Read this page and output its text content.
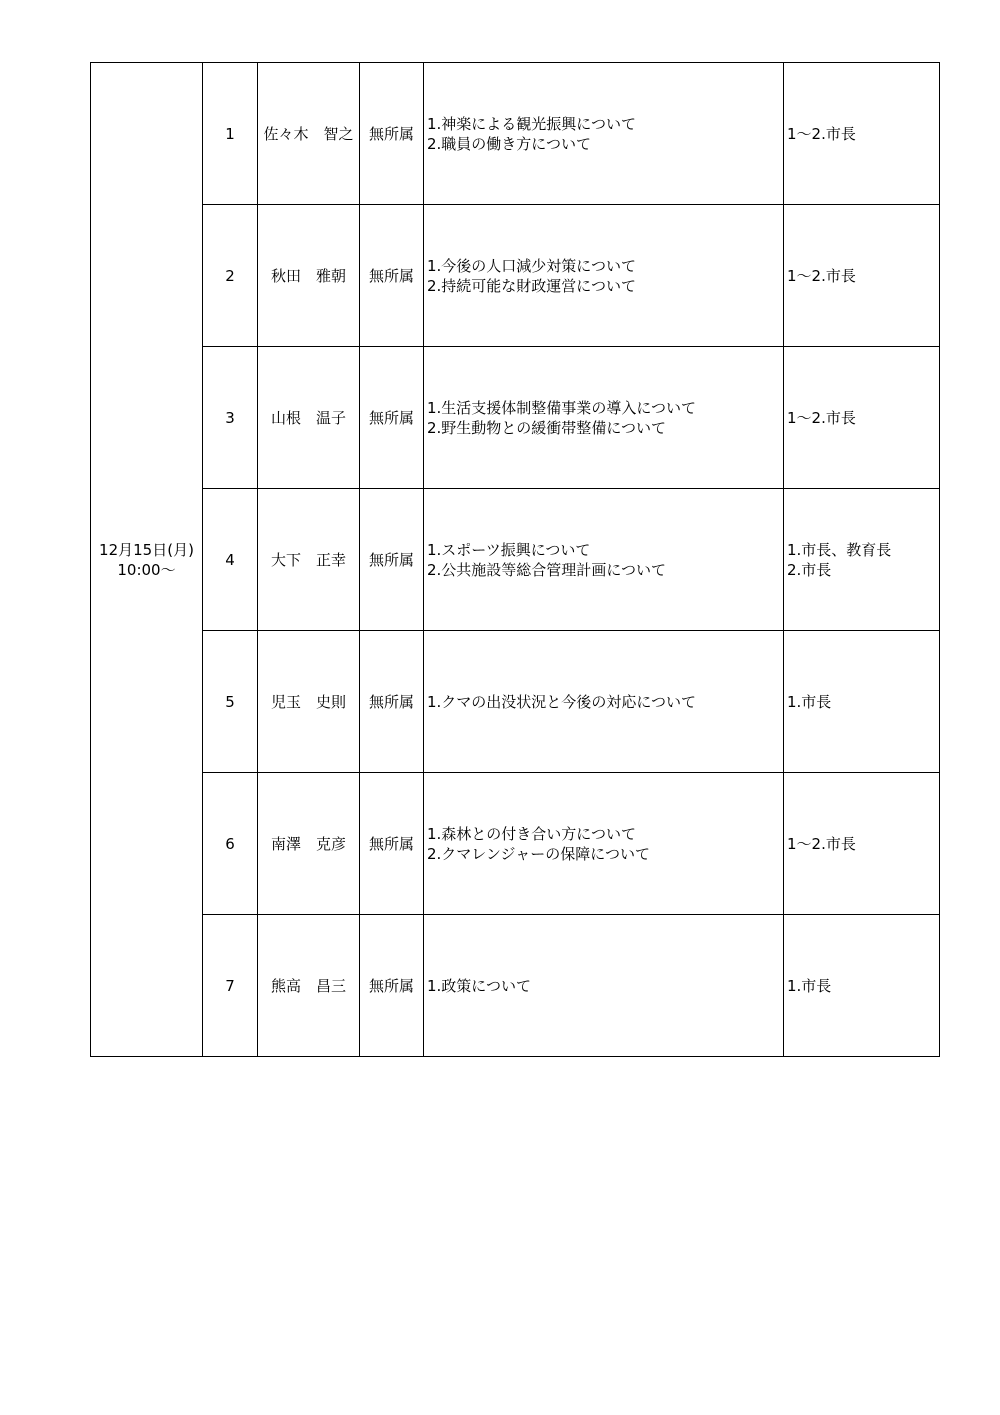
12月15日(月)
10:00～	1	佐々木　智之	無所属	1.神楽による観光振興について
2.職員の働き方について	1～2.市長

	2	秋田　雅朝	無所属	1.今後の人口減少対策について
2.持続可能な財政運営について	1～2.市長

	3	山根　温子	無所属	1.生活支援体制整備事業の導入について
2.野生動物との緩衝帯整備について	1～2.市長

	4	大下　正幸	無所属	1.スポーツ振興について
2.公共施設等総合管理計画について	1.市長、教育長
2.市長

	5	児玉　史則	無所属	1.クマの出没状況と今後の対応について	1.市長

	6	南澤　克彦	無所属	1.森林との付き合い方について
2.クマレンジャーの保障について	1～2.市長

	7	熊高　昌三	無所属	1.政策について	1.市長
